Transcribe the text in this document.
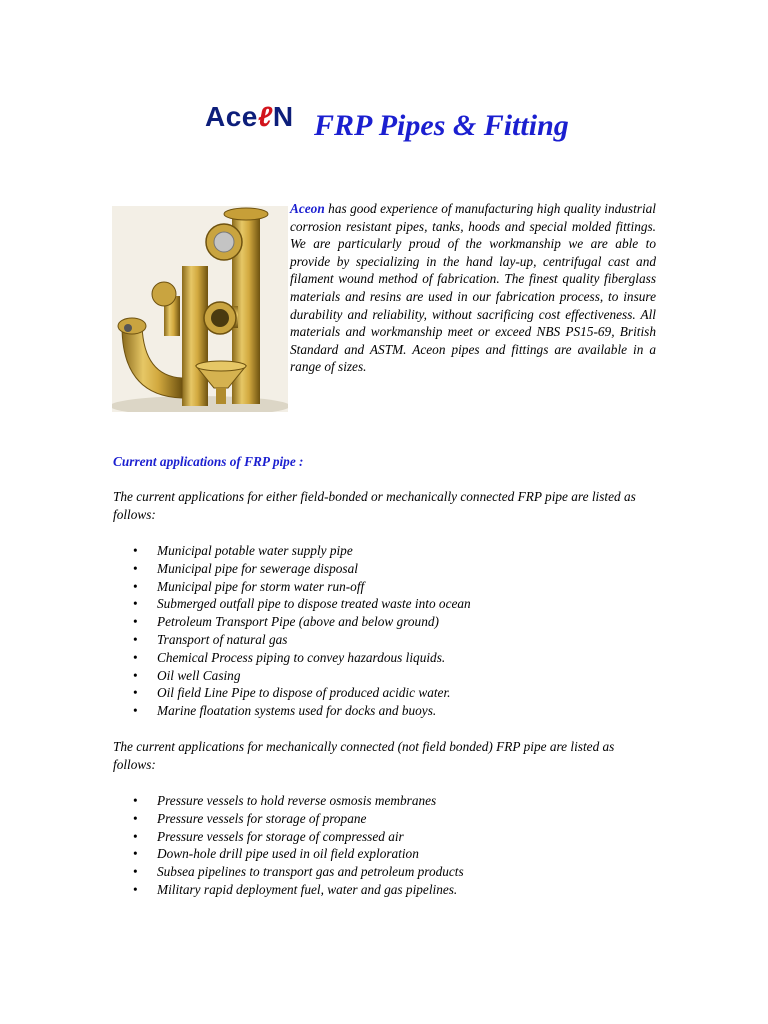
AceℓN FRP Pipes & Fitting

Aceon has good experience of manufacturing high quality industrial corrosion resistant pipes, tanks, hoods and special molded fittings. We are particularly proud of the workmanship we are able to provide by specializing in the hand lay-up, centrifugal cast and filament wound method of fabrication. The finest quality fiberglass materials and resins are used in our fabrication process, to insure durability and reliability, without sacrificing cost effectiveness. All materials and workmanship meet or exceed NBS PS15-69, British Standard and ASTM. Aceon pipes and fittings are available in a range of sizes.

Current applications of FRP pipe :

The current applications for either field-bonded or mechanically connected FRP pipe are listed as follows:

• Municipal potable water supply pipe
• Municipal pipe for sewerage disposal
• Municipal pipe for storm water run-off
• Submerged outfall pipe to dispose treated waste into ocean
• Petroleum Transport Pipe (above and below ground)
• Transport of natural gas
• Chemical Process piping to convey hazardous liquids.
• Oil well Casing
• Oil field Line Pipe to dispose of produced acidic water.
• Marine floatation systems used for docks and buoys.

The current applications for mechanically connected (not field bonded) FRP pipe are listed as follows:

• Pressure vessels to hold reverse osmosis membranes
• Pressure vessels for storage of propane
• Pressure vessels for storage of compressed air
• Down-hole drill pipe used in oil field exploration
• Subsea pipelines to transport gas and petroleum products
• Military rapid deployment fuel, water and gas pipelines.
